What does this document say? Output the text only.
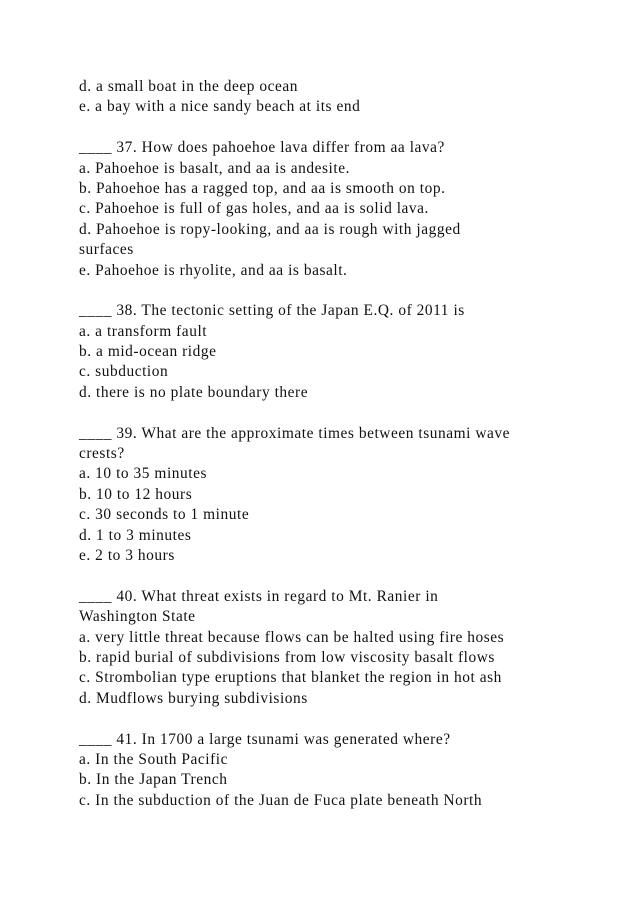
d. a small boat in the deep ocean
e. a bay with a nice sandy beach at its end
____ 37. How does pahoehoe lava differ from aa lava?
a. Pahoehoe is basalt, and aa is andesite.
b. Pahoehoe has a ragged top, and aa is smooth on top.
c. Pahoehoe is full of gas holes, and aa is solid lava.
d. Pahoehoe is ropy-looking, and aa is rough with jagged
surfaces
e. Pahoehoe is rhyolite, and aa is basalt.
____ 38. The tectonic setting of the Japan E.Q. of 2011 is
a. a transform fault
b. a mid-ocean ridge
c. subduction
d. there is no plate boundary there
____ 39. What are the approximate times between tsunami wave
crests?
a. 10 to 35 minutes
b. 10 to 12 hours
c. 30 seconds to 1 minute
d. 1 to 3 minutes
e. 2 to 3 hours
____ 40. What threat exists in regard to Mt. Ranier in
Washington State
a. very little threat because flows can be halted using fire hoses
b. rapid burial of subdivisions from low viscosity basalt flows
c. Strombolian type eruptions that blanket the region in hot ash
d. Mudflows burying subdivisions
____ 41. In 1700 a large tsunami was generated where?
a. In the South Pacific
b. In the Japan Trench
c. In the subduction of the Juan de Fuca plate beneath North
